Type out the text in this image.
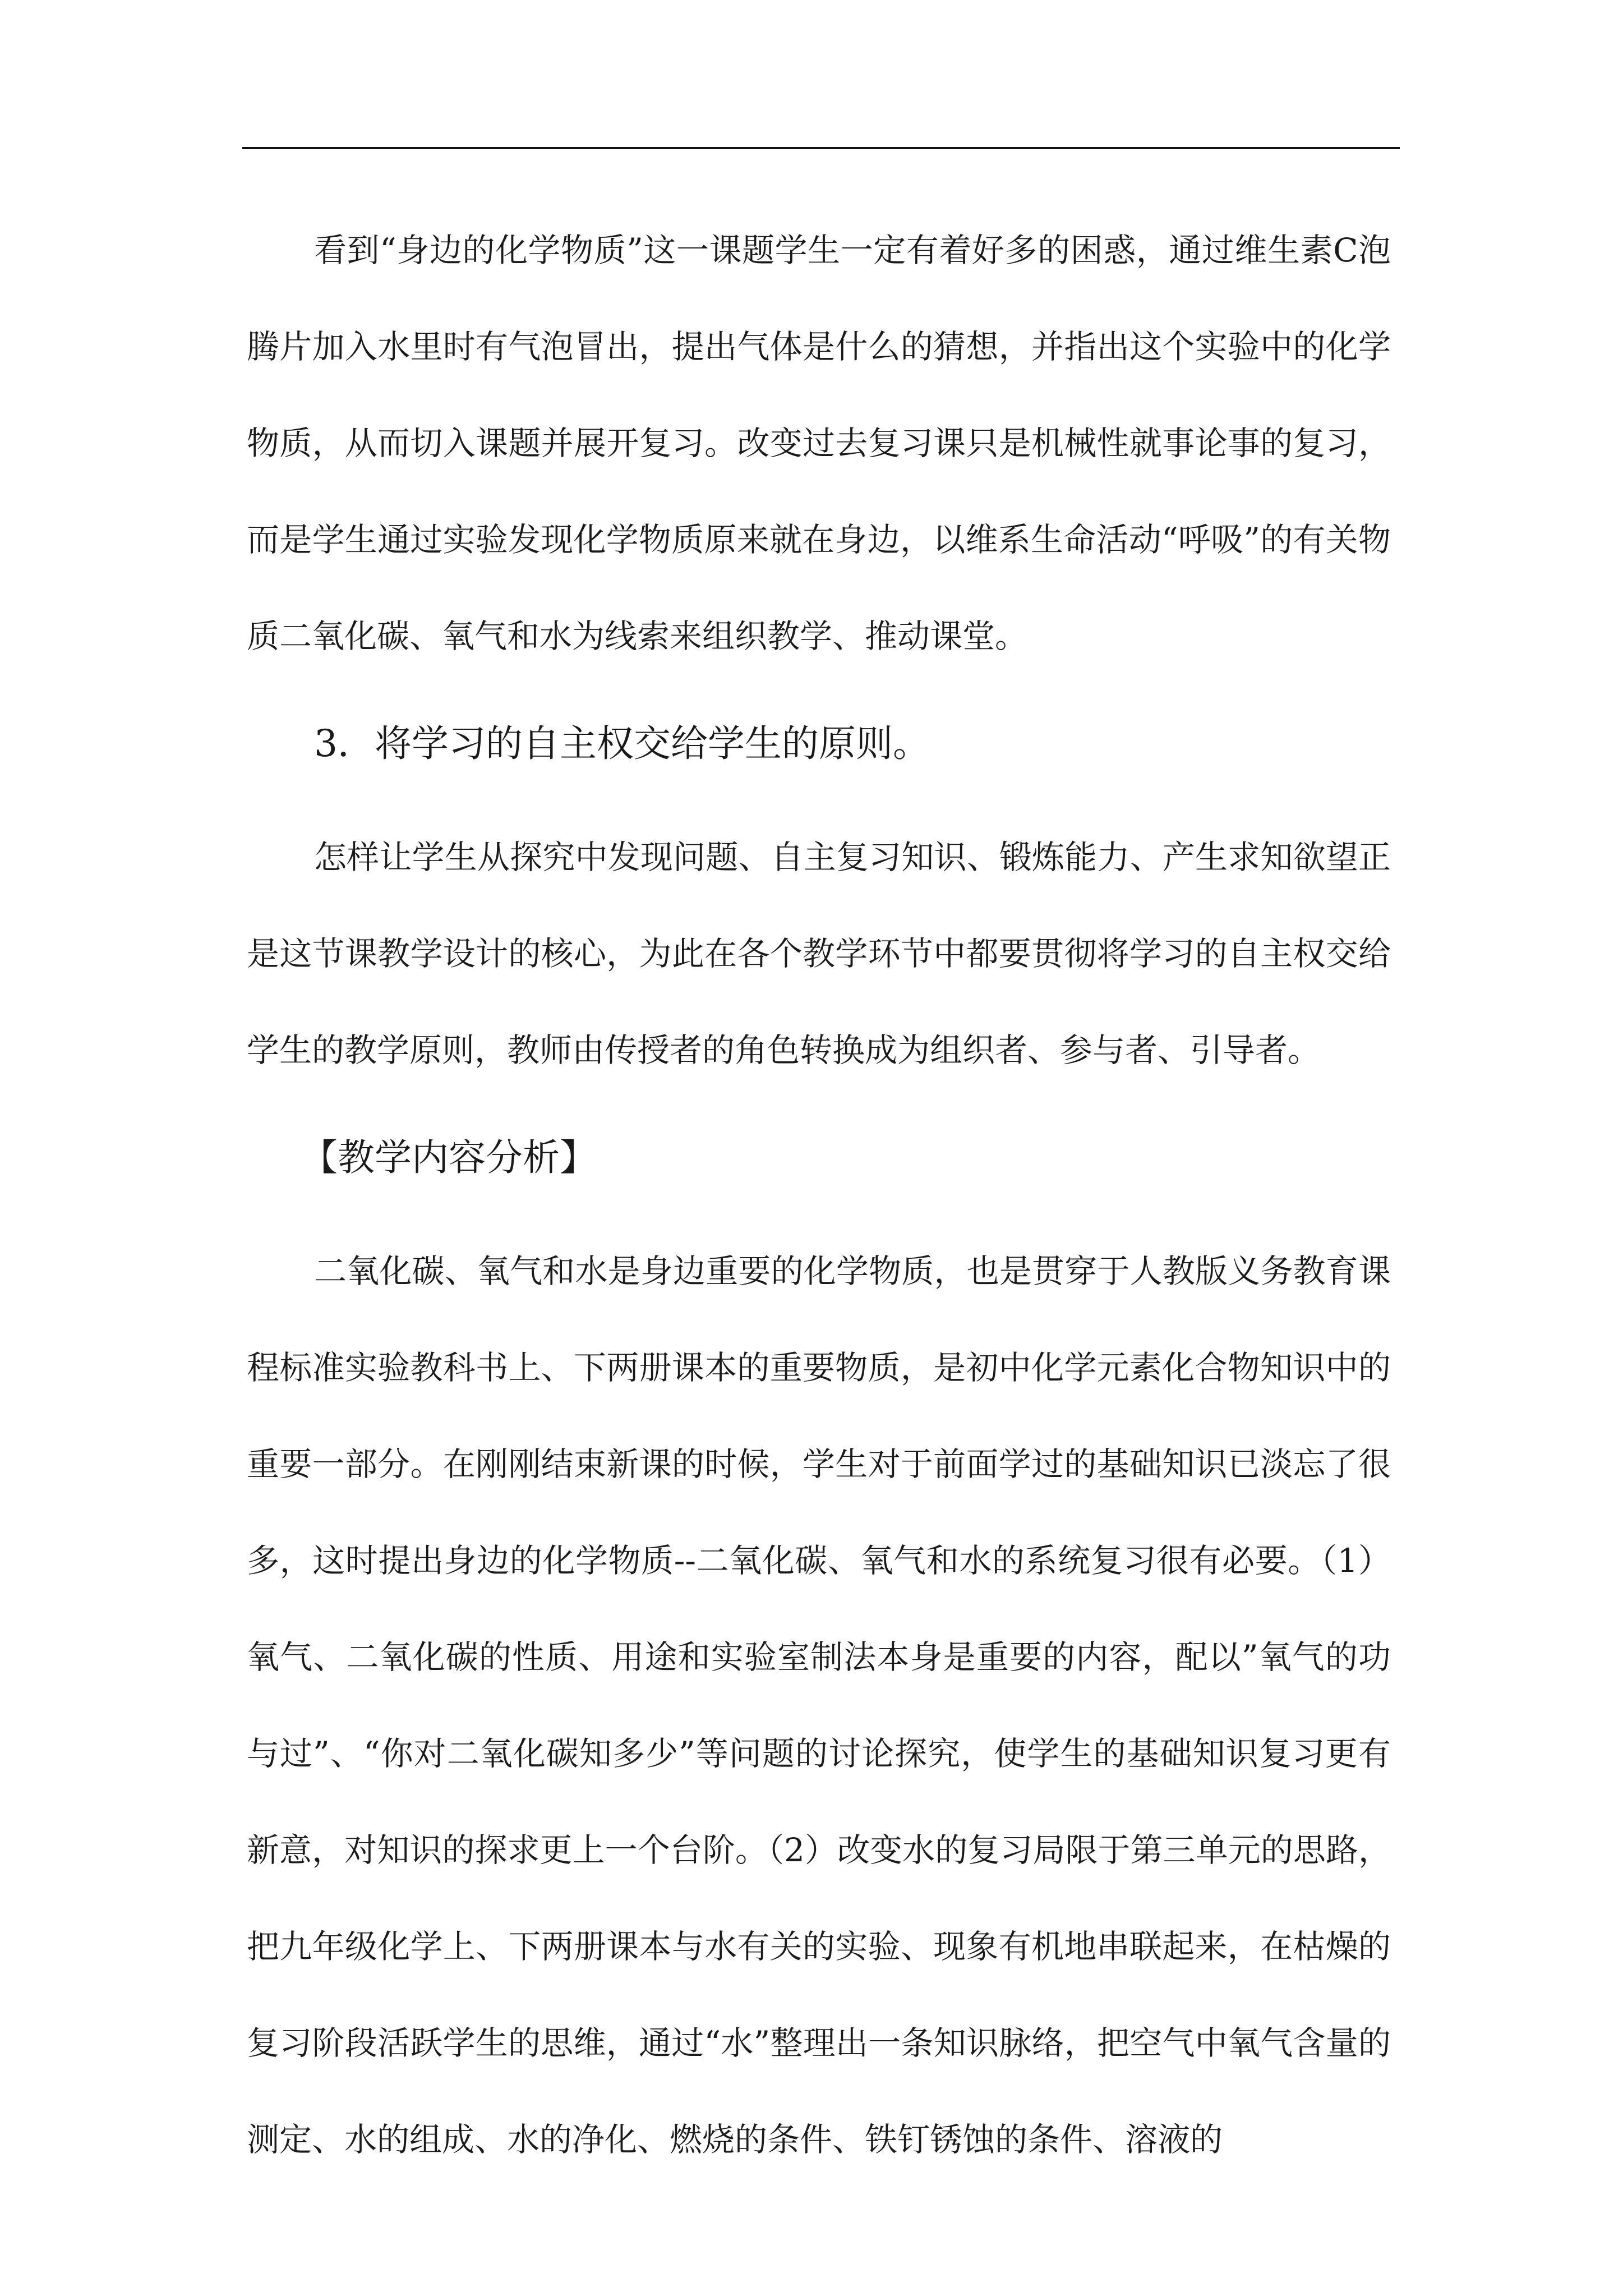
看到“身边的化学物质”这一课题学生一定有着好多的困惑，通过维生素C泡腾片加入水里时有气泡冒出，提出气体是什么的猜想，并指出这个实验中的化学物质，从而切入课题并展开复习。改变过去复习课只是机械性就事论事的复习，而是学生通过实验发现化学物质原来就在身边，以维系生命活动“呼吸”的有关物质二氧化碳、氧气和水为线索来组织教学、推动课堂。

3．将学习的自主权交给学生的原则。

怎样让学生从探究中发现问题、自主复习知识、锻炼能力、产生求知欲望正是这节课教学设计的核心，为此在各个教学环节中都要贯彻将学习的自主权交给学生的教学原则，教师由传授者的角色转换成为组织者、参与者、引导者。

【教学内容分析】

二氧化碳、氧气和水是身边重要的化学物质，也是贯穿于人教版义务教育课程标准实验教科书上、下两册课本的重要物质，是初中化学元素化合物知识中的重要一部分。在刚刚结束新课的时候，学生对于前面学过的基础知识已淡忘了很多，这时提出身边的化学物质--二氧化碳、氧气和水的系统复习很有必要。（1）氧气、二氧化碳的性质、用途和实验室制法本身是重要的内容，配以”氧气的功与过”、“你对二氧化碳知多少”等问题的讨论探究，使学生的基础知识复习更有新意，对知识的探求更上一个台阶。（2）改变水的复习局限于第三单元的思路，把九年级化学上、下两册课本与水有关的实验、现象有机地串联起来，在枯燥的复习阶段活跃学生的思维，通过“水”整理出一条知识脉络，把空气中氧气含量的测定、水的组成、水的净化、燃烧的条件、铁钉锈蚀的条件、溶液的
